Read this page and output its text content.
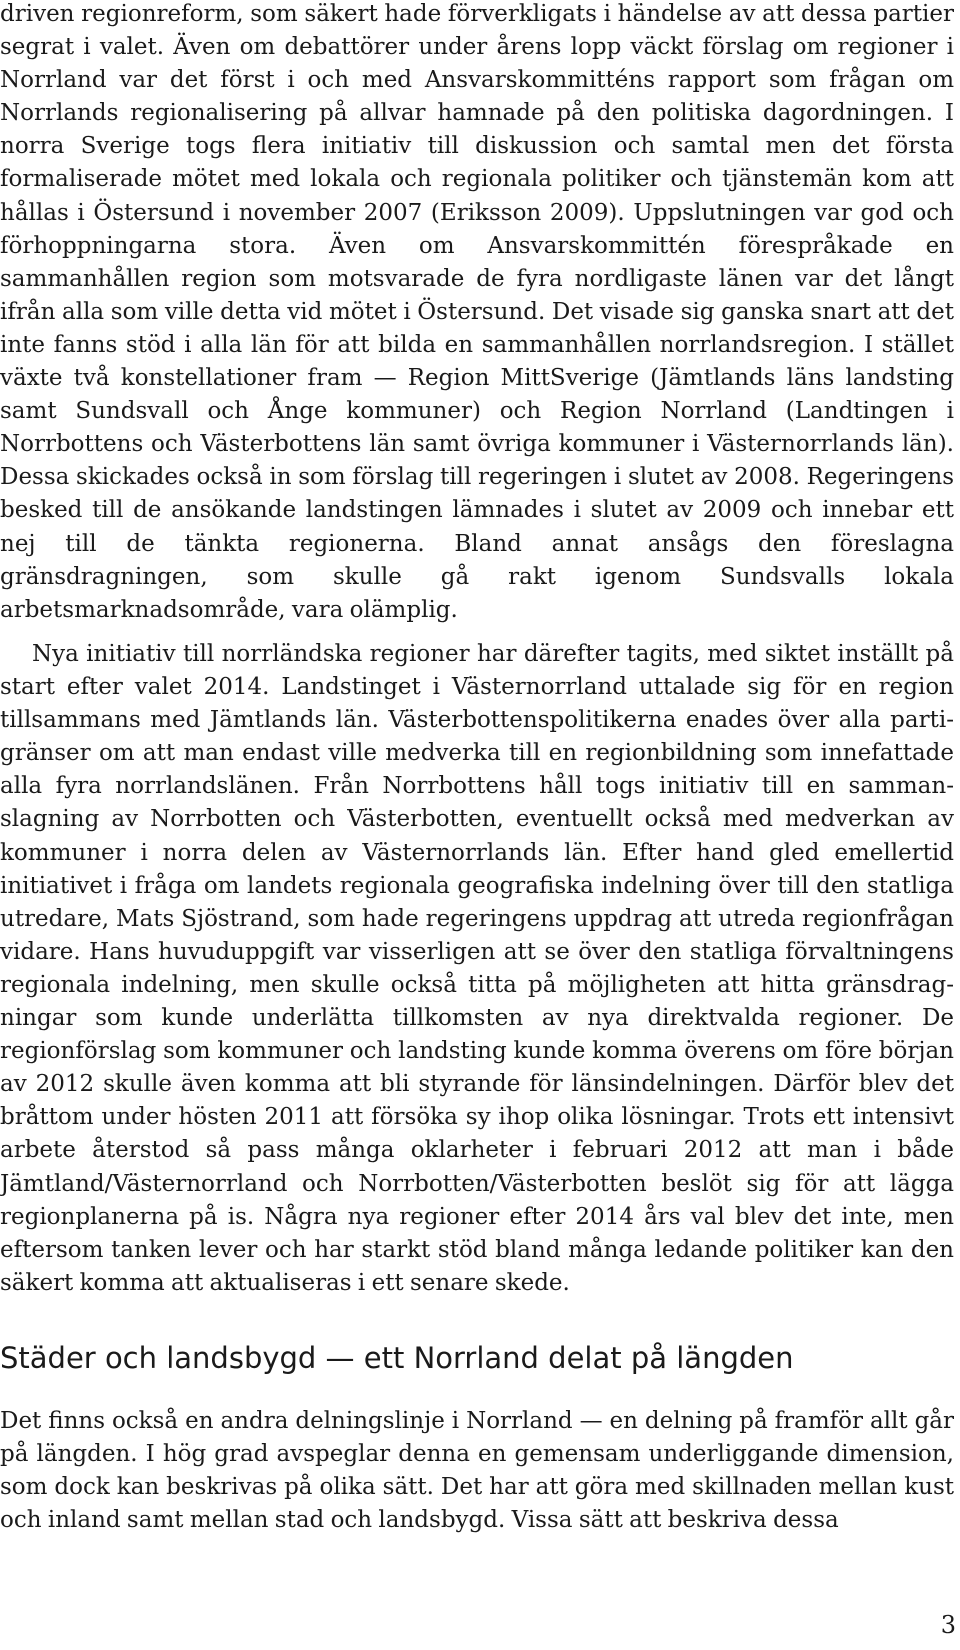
driven regionreform, som säkert hade förverkligats i händelse av att dessa partier segrat i valet. Även om debattörer under årens lopp väckt förslag om regioner i Norrland var det först i och med Ansvarskommitténs rapport som frågan om Norrlands regionalisering på allvar hamnade på den politiska dagordningen. I norra Sverige togs flera initiativ till diskussion och samtal men det första formaliserade mötet med lokala och regionala politiker och tjänstemän kom att hållas i Östersund i november 2007 (Eriksson 2009). Uppslutningen var god och förhoppningarna stora. Även om Ansvarskommittén förespråkade en sammanhållen region som motsvarade de fyra nordligaste länen var det långt ifrån alla som ville detta vid mötet i Östersund. Det visade sig ganska snart att det inte fanns stöd i alla län för att bilda en sammanhållen norrlandsregion. I stället växte två konstellationer fram — Region MittSverige (Jämtlands läns landsting samt Sundsvall och Ånge kommuner) och Region Norrland (Landtingen i Norrbottens och Västerbottens län samt övriga kommuner i Västernorrlands län). Dessa skickades också in som förslag till regeringen i slutet av 2008. Regeringens besked till de ansökande landstingen lämnades i slutet av 2009 och innebar ett nej till de tänkta regionerna. Bland annat ansågs den föreslagna gränsdragningen, som skulle gå rakt igenom Sundsvalls lokala arbetsmarknadsområde, vara olämplig.

Nya initiativ till norrländska regioner har därefter tagits, med siktet inställt på start efter valet 2014. Landstinget i Västernorrland uttalade sig för en region tillsammans med Jämtlands län. Västerbottenspolitikerna enades över alla partigränser om att man endast ville medverka till en regionbildning som innefattade alla fyra norrlandslänen. Från Norrbottens håll togs initiativ till en sammanslagning av Norrbotten och Västerbotten, eventuellt också med medverkan av kommuner i norra delen av Västernorrlands län. Efter hand gled emellertid initiativet i fråga om landets regionala geografiska indelning över till den statliga utredare, Mats Sjöstrand, som hade regeringens uppdrag att utreda regionfrågan vidare. Hans huvuduppgift var visserligen att se över den statliga förvaltningens regionala indelning, men skulle också titta på möjligheten att hitta gränsdragningar som kunde underlätta tillkomsten av nya direktvalda regioner. De regionförslag som kommuner och landsting kunde komma överens om före början av 2012 skulle även komma att bli styrande för länsindelningen. Därför blev det bråttom under hösten 2011 att försöka sy ihop olika lösningar. Trots ett intensivt arbete återstod så pass många oklarheter i februari 2012 att man i både Jämtland/Västernorrland och Norrbotten/Västerbotten beslöt sig för att lägga regionplanerna på is. Några nya regioner efter 2014 års val blev det inte, men eftersom tanken lever och har starkt stöd bland många ledande politiker kan den säkert komma att aktualiseras i ett senare skede.

Städer och landsbygd — ett Norrland delat på längden

Det finns också en andra delningslinje i Norrland — en delning på framför allt går på längden. I hög grad avspeglar denna en gemensam underliggande dimension, som dock kan beskrivas på olika sätt. Det har att göra med skillnaden mellan kust och inland samt mellan stad och landsbygd. Vissa sätt att beskriva dessa

3
